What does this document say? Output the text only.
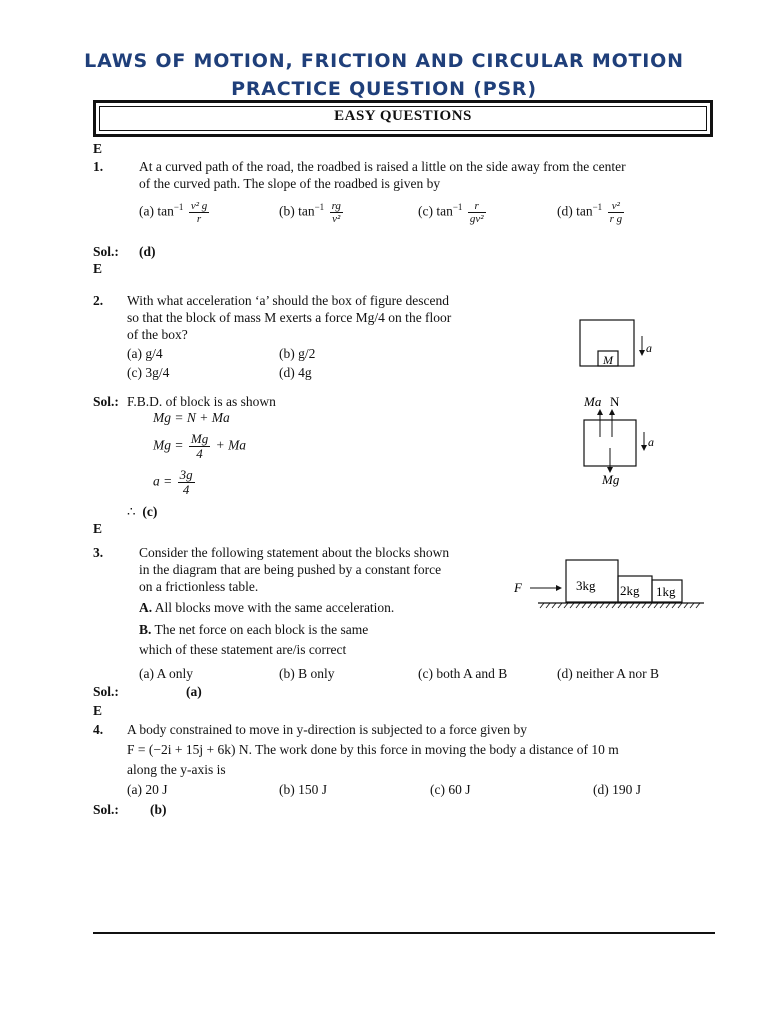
LAWS OF MOTION, FRICTION AND CIRCULAR MOTION
PRACTICE QUESTION (PSR)
EASY QUESTIONS
E
1.	At a curved path of the road, the roadbed is raised a little on the side away from the center
of the curved path. The slope of the roadbed is given by
(a) $\tan^{-1} \frac{\text{v² g}}{r}$	(b) $\tan^{-1} \frac{rg}{\text{v²}}$	(c) $\tan^{-1} \frac{r}{\text{gv²}}$	(d) $\tan^{-1} \frac{\text{v²}}{\text{r g}}$
Sol.: (d)
E
2. With what acceleration ‘a’ should the box of figure descend
so that the block of mass M exerts a force Mg/4 on the floor
of the box?
(a) g/4	(b) g/2
(c) 3g/4	(d) 4g
M
a
Sol.: F.B.D. of block is as shown
Mg = N + Ma
$Mg = \frac{Mg}{4} + Ma$
$a = \frac{3g}{4}$
∴ (c)
Ma N
a
Mg
E
3.	Consider the following statement about the blocks shown
in the diagram that are being pushed by a constant force
on a frictionless table.
A. All blocks move with the same acceleration.
B. The net force on each block is the same
which of these statement are/is correct
(a) A only	(b) B only	(c) both A and B	(d) neither A nor B
F	3kg 2kg 1kg
Sol.:	(a)
E
4. A body constrained to move in y-direction is subjected to a force given by
F = (−2i + 15j + 6k) N. The work done by this force in moving the body a distance of 10 m
along the y-axis is
(a) 20 J	(b) 150 J	(c) 60 J	(d) 190 J
Sol.: (b)
